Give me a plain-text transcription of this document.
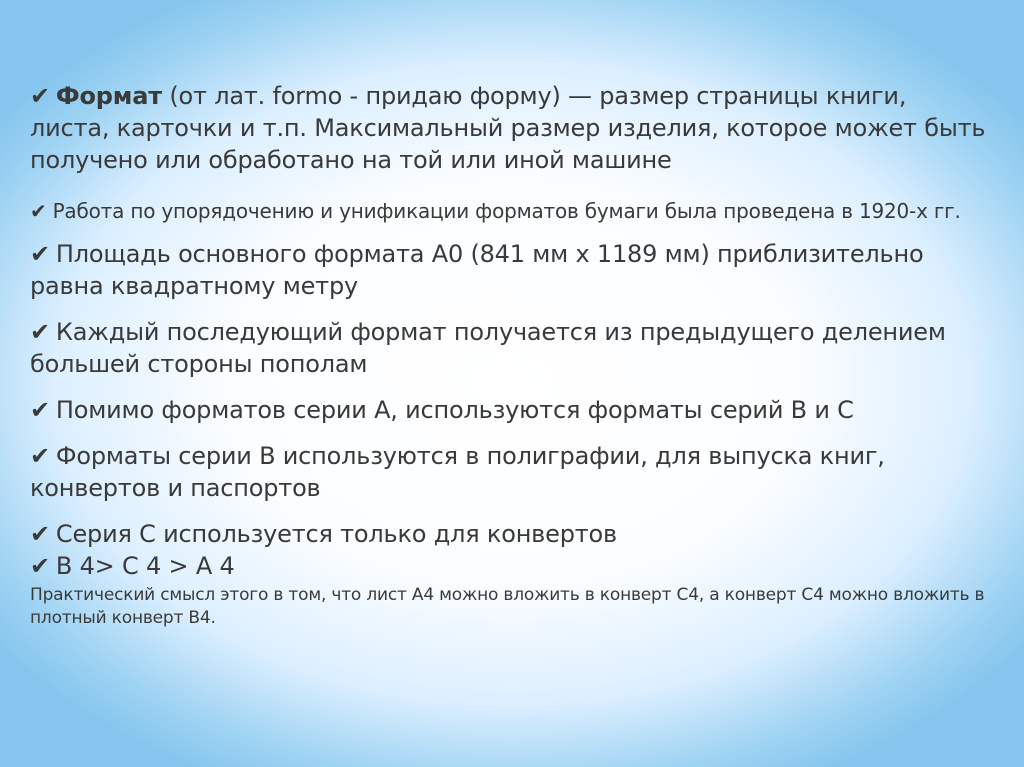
✔ Формат (от лат. formo - придаю форму) — размер страницы книги, листа, карточки и т.п. Максимальный размер изделия, которое может быть получено или обработано на той или иной машине

✔ Работа по упорядочению и унификации форматов бумаги была проведена в 1920-х гг.

✔ Площадь основного формата А0 (841 мм х 1189 мм) приблизительно равна квадратному метру

✔ Каждый последующий формат получается из предыдущего делением большей стороны пополам

✔ Помимо форматов серии А, используются форматы серий В и С

✔ Форматы серии В используются в полиграфии, для выпуска книг, конвертов и паспортов

✔ Серия С используется только для конвертов

✔ В 4> С 4 > А 4

Практический смысл этого в том, что лист А4 можно вложить в конверт С4, а конверт С4 можно вложить в плотный конверт В4.
